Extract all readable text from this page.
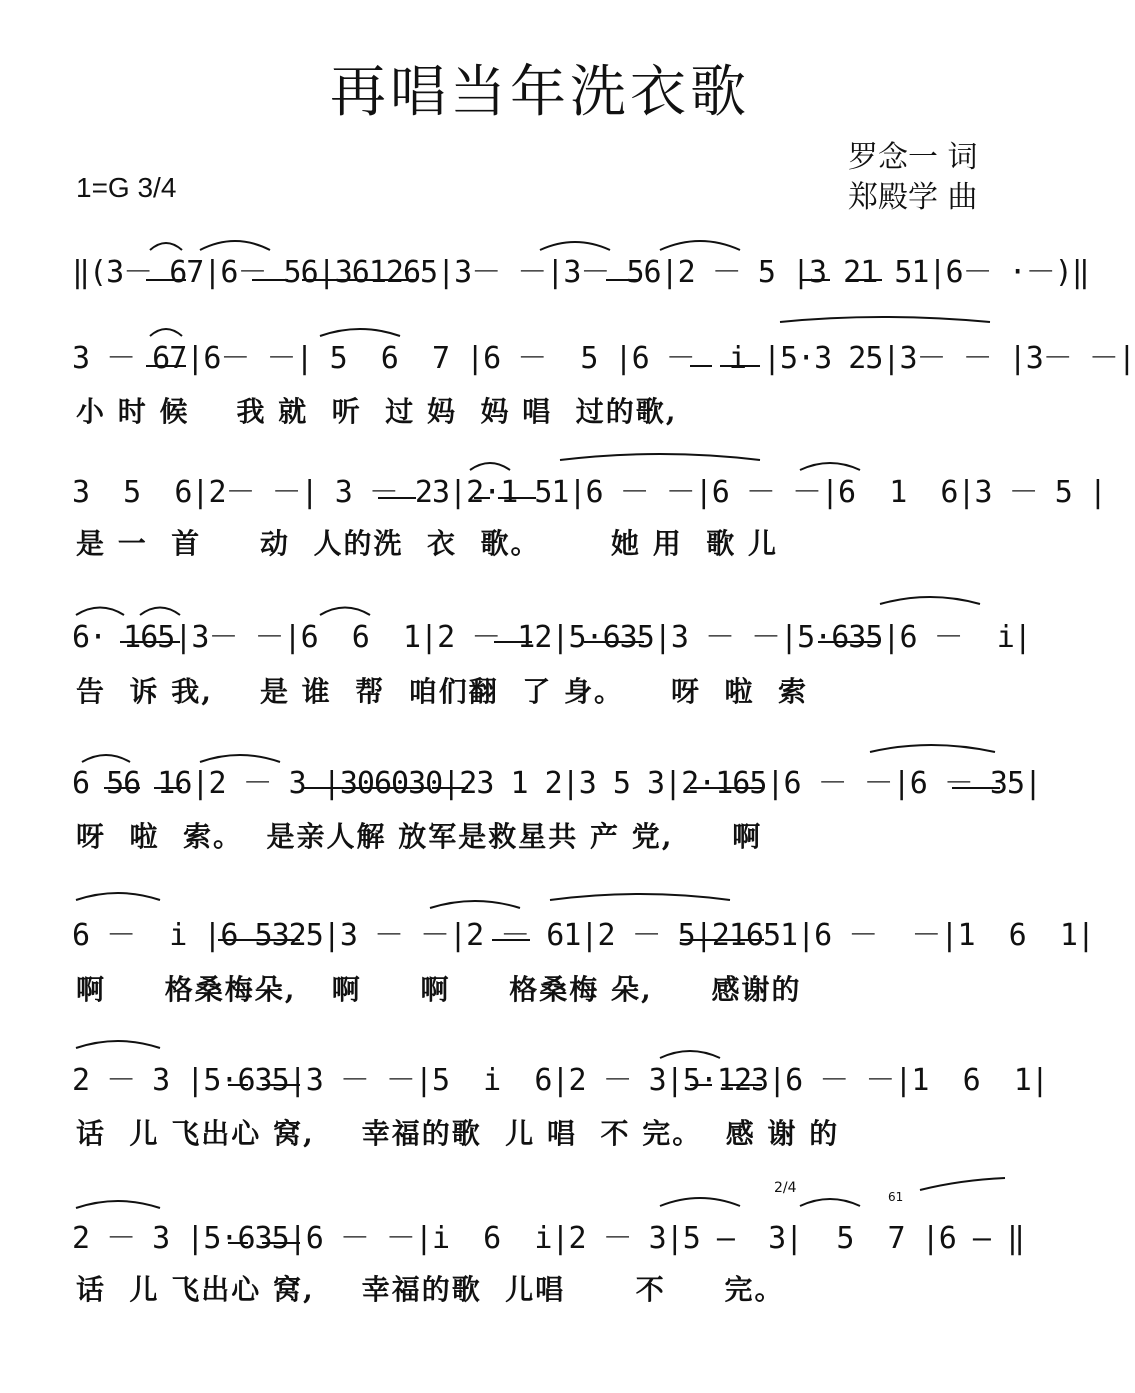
再唱当年洗衣歌
罗念一 词
郑殿学 曲
1=G 3/4
‖(3－ 67|6－ 56|361265|3－ －|3－ 56|2 － 5 |3 21 51|6－ ·－)‖
3 － 67|6－ －| 5  6  7 |6 －  5 |6 －  i |5·3 25|3－ － |3－ －|
小 时 候    我 就  听  过 妈  妈 唱  过的歌,
3  5  6|2－ －| 3 － 23|2·1 51|6 － －|6 － －|6  1  6|3 － 5 |
是 一  首     动  人的洗  衣  歌。      她 用  歌 儿
6· 165|3－ －|6  6  1|2 － 12|5·635|3 － －|5·635|6 －  i|
告  诉 我,    是 谁  帮  咱们翻  了 身。    呀  啦  索
6 56 16|2 － 3 |306030|23 1 2|3 5 3|2·165|6 － －|6 － 35|
呀  啦  索。  是亲人解 放军是救星共 产 党,     啊
6 －  i |6 5325|3 － －|2 － 61|2 － 5|21651|6 －  －|1  6  1|
啊     格桑梅朵,   啊     啊     格桑梅 朵,     感谢的
2 － 3 |5·635|3 － －|5  i  6|2 － 3|5·123|6 － －|1  6  1|
话  儿 飞出心 窝,    幸福的歌  儿 唱  不 完。  感 谢 的
2 － 3 |5·635|6 － －|i  6  i|2 － 3|5 —  3|  5  7 |6 — ‖
话  儿 飞出心 窝,    幸福的歌  儿唱      不     完。
2/4
61
